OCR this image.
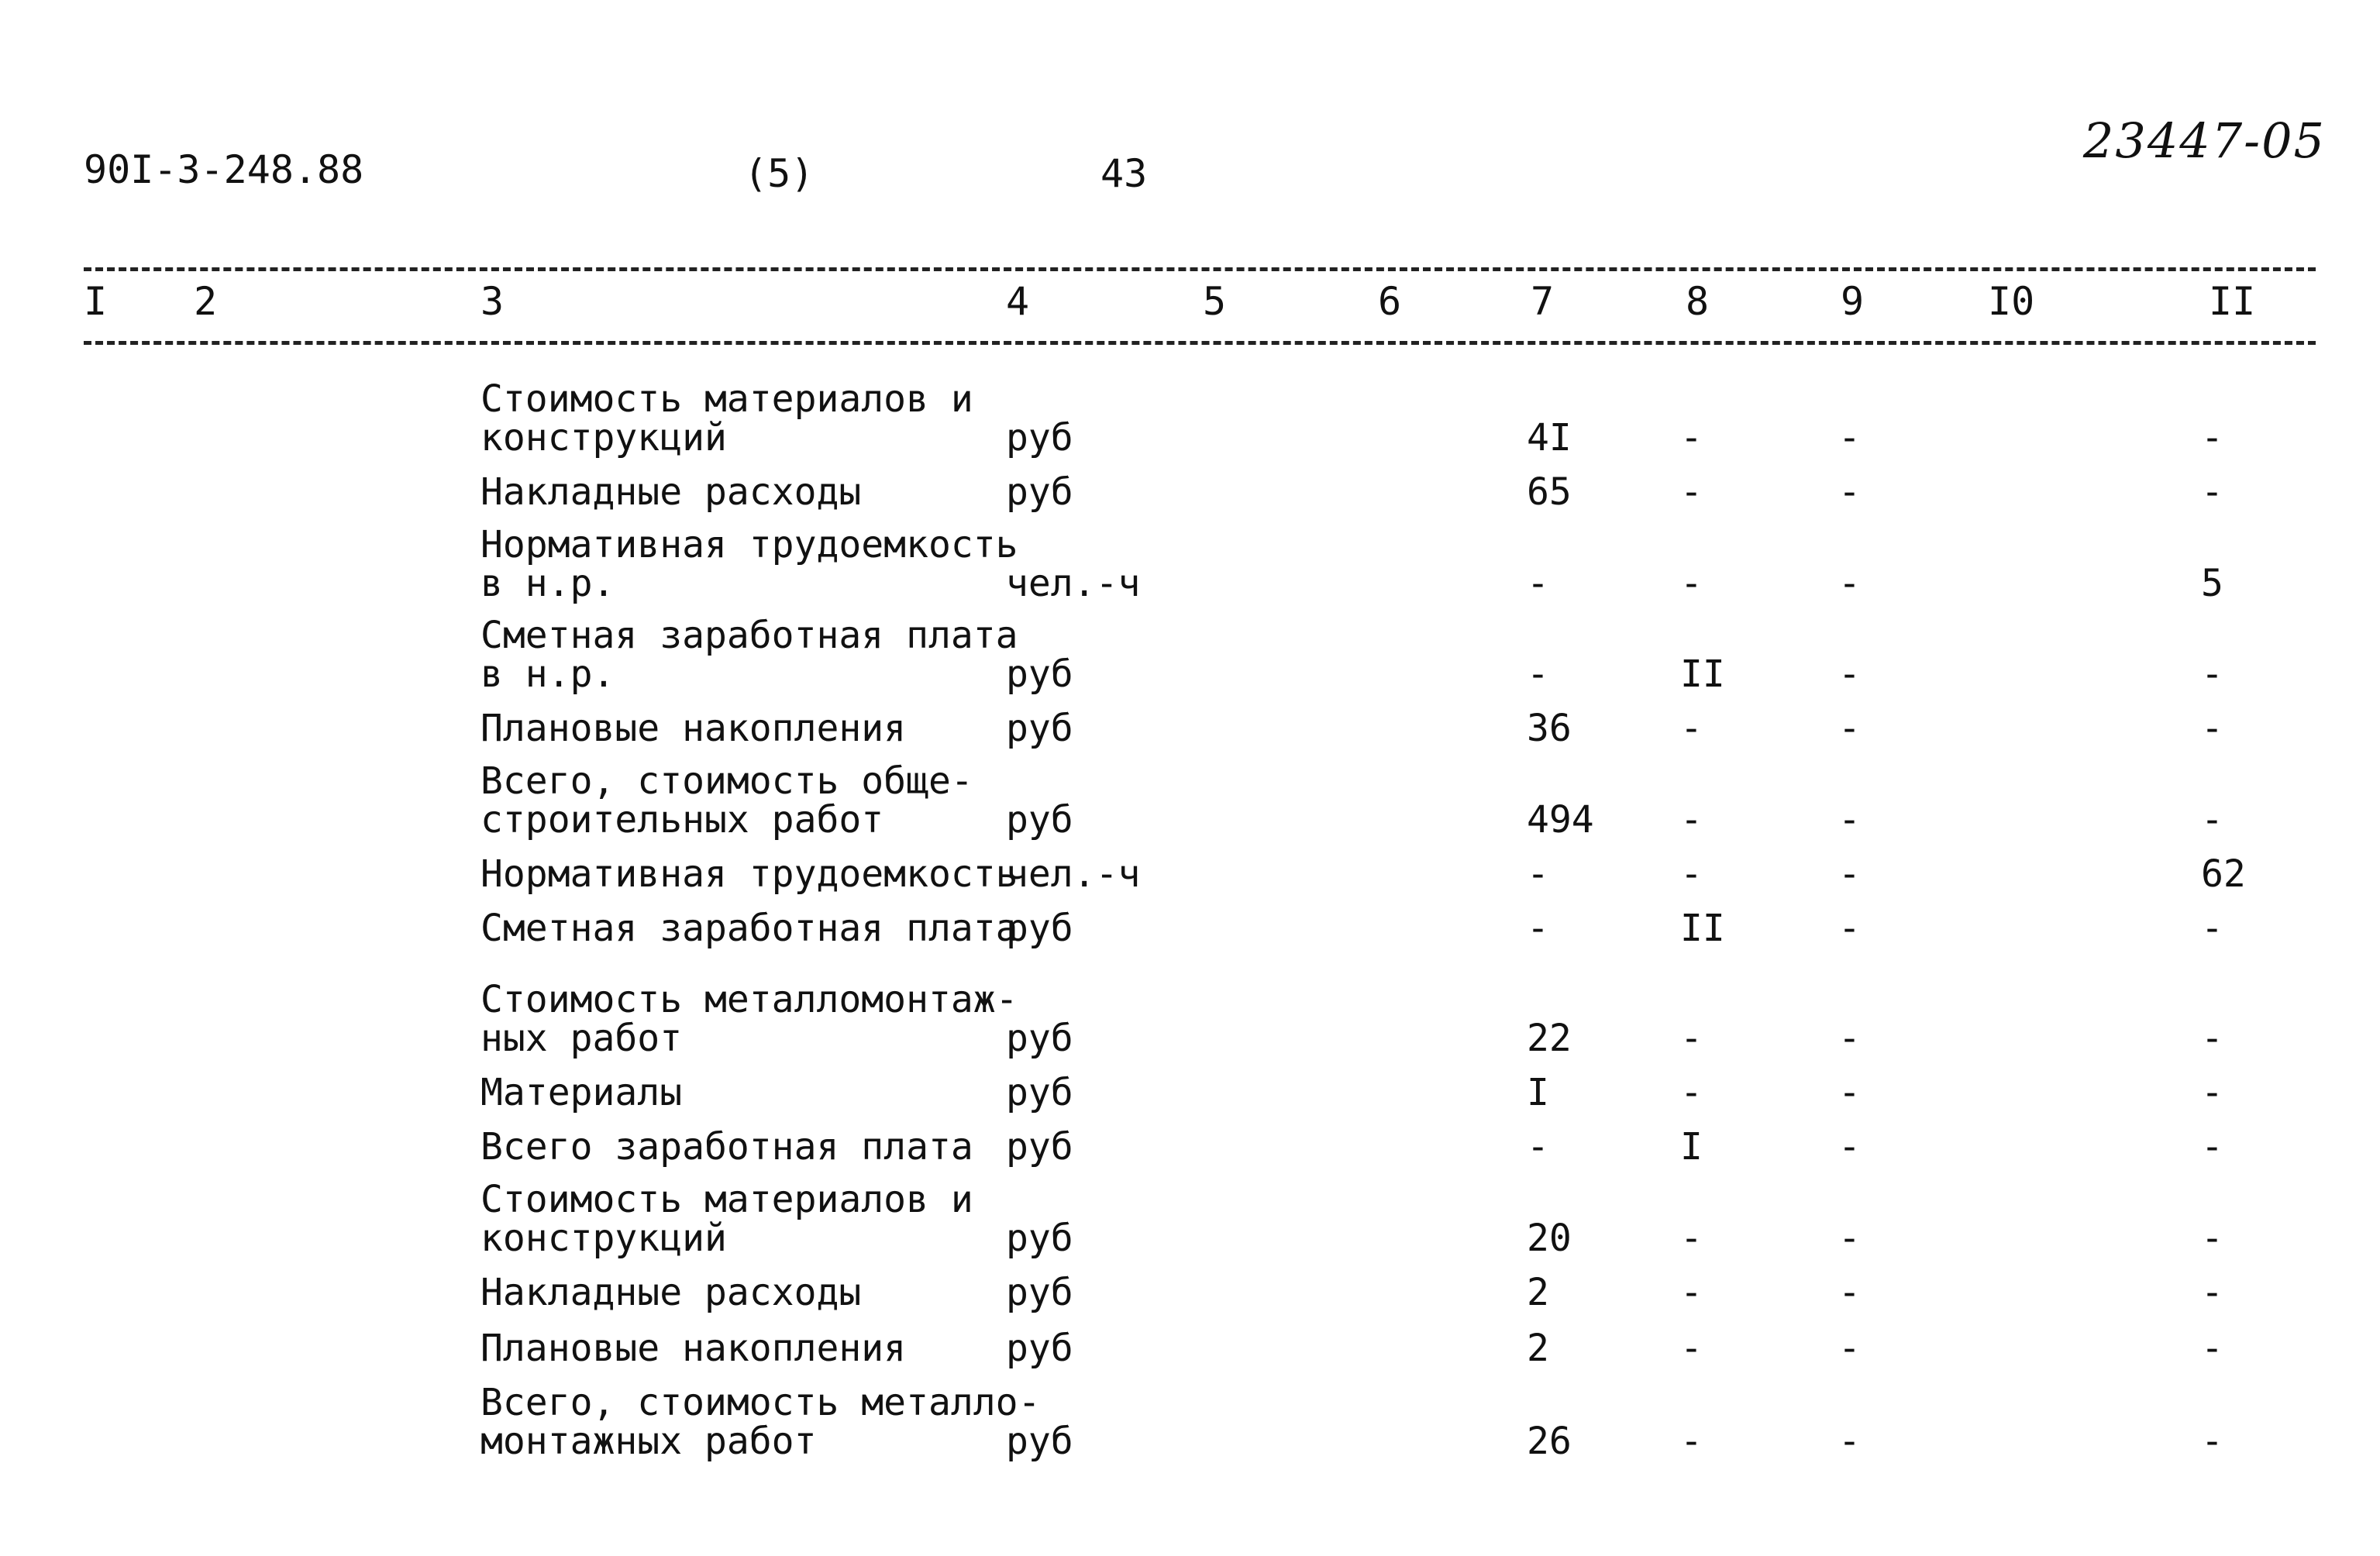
90I-3-248.88	(5)	43
23447-05
I 2	3	4	5	6	7	8	9	I0	II
Стоимость материалов и
конструкций	руб	4I	-	-	-
Накладные расходы	руб	65	-	-	-
Нормативная трудоемкость
в н.р.	чел.-ч	-	-	-	5
Сметная заработная плата
в н.р.	руб	-	II	-	-
Плановые накопления	руб	36	-	-	-
Всего, стоимость обще-
строительных работ	руб	494 -	-	-
Нормативная трудоемкость
чел.-ч	-	-	-	62
Сметная заработная плата
руб	-	II	-	-
Стоимость металломонтаж-
ных работ	руб	22	-	-	-
Материалы	руб	I	-	-	-
Всего заработная плата руб	-	I	-	-
Стоимость материалов и
конструкций	руб	20	-	-	-
Накладные расходы	руб	2	-	-	-
Плановые накопления	руб	2	-	-	-
Всего, стоимость металло-
монтажных работ	руб	26	-	-	-
